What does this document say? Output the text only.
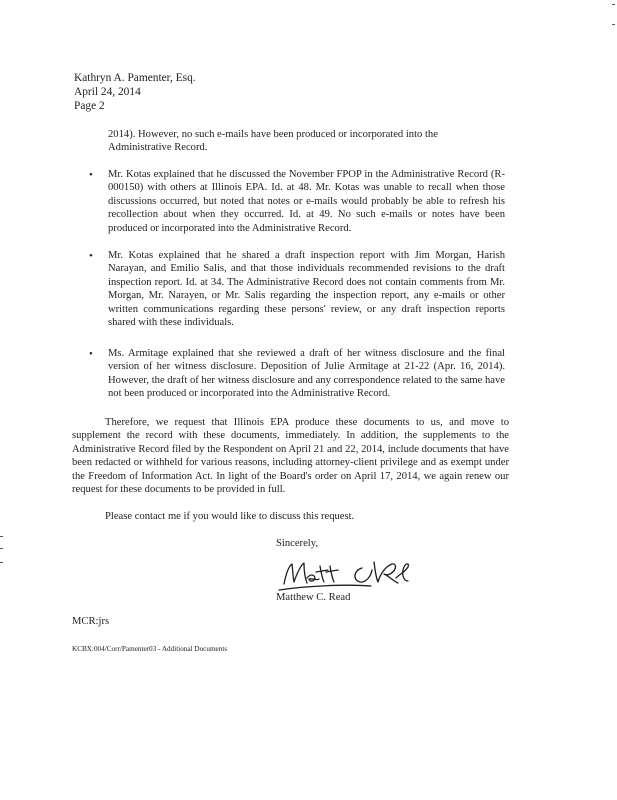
Kathryn A. Pamenter, Esq.
April 24, 2014
Page 2
2014). However, no such e-mails have been produced or incorporated into the Administrative Record.
• Mr. Kotas explained that he discussed the November FPOP in the Administrative Record (R-000150) with others at Illinois EPA. Id. at 48. Mr. Kotas was unable to recall when those discussions occurred, but noted that notes or e-mails would probably be able to refresh his recollection about when they occurred. Id. at 49. No such e-mails or notes have been produced or incorporated into the Administrative Record.
• Mr. Kotas explained that he shared a draft inspection report with Jim Morgan, Harish Narayan, and Emilio Salis, and that those individuals recommended revisions to the draft inspection report. Id. at 34. The Administrative Record does not contain comments from Mr. Morgan, Mr. Narayen, or Mr. Salis regarding the inspection report, any e-mails or other written communications regarding these persons' review, or any draft inspection reports shared with these individuals.
• Ms. Armitage explained that she reviewed a draft of her witness disclosure and the final version of her witness disclosure. Deposition of Julie Armitage at 21-22 (Apr. 16, 2014). However, the draft of her witness disclosure and any correspondence related to the same have not been produced or incorporated into the Administrative Record.
Therefore, we request that Illinois EPA produce these documents to us, and move to supplement the record with these documents, immediately. In addition, the supplements to the Administrative Record filed by the Respondent on April 21 and 22, 2014, include documents that have been redacted or withheld for various reasons, including attorney-client privilege and as exempt under the Freedom of Information Act. In light of the Board's order on April 17, 2014, we again renew our request for these documents to be provided in full.
Please contact me if you would like to discuss this request.
Sincerely,
Matthew C. Read
MCR:jrs
KCBX:004/Corr/Pamenter03 - Additional Documents
